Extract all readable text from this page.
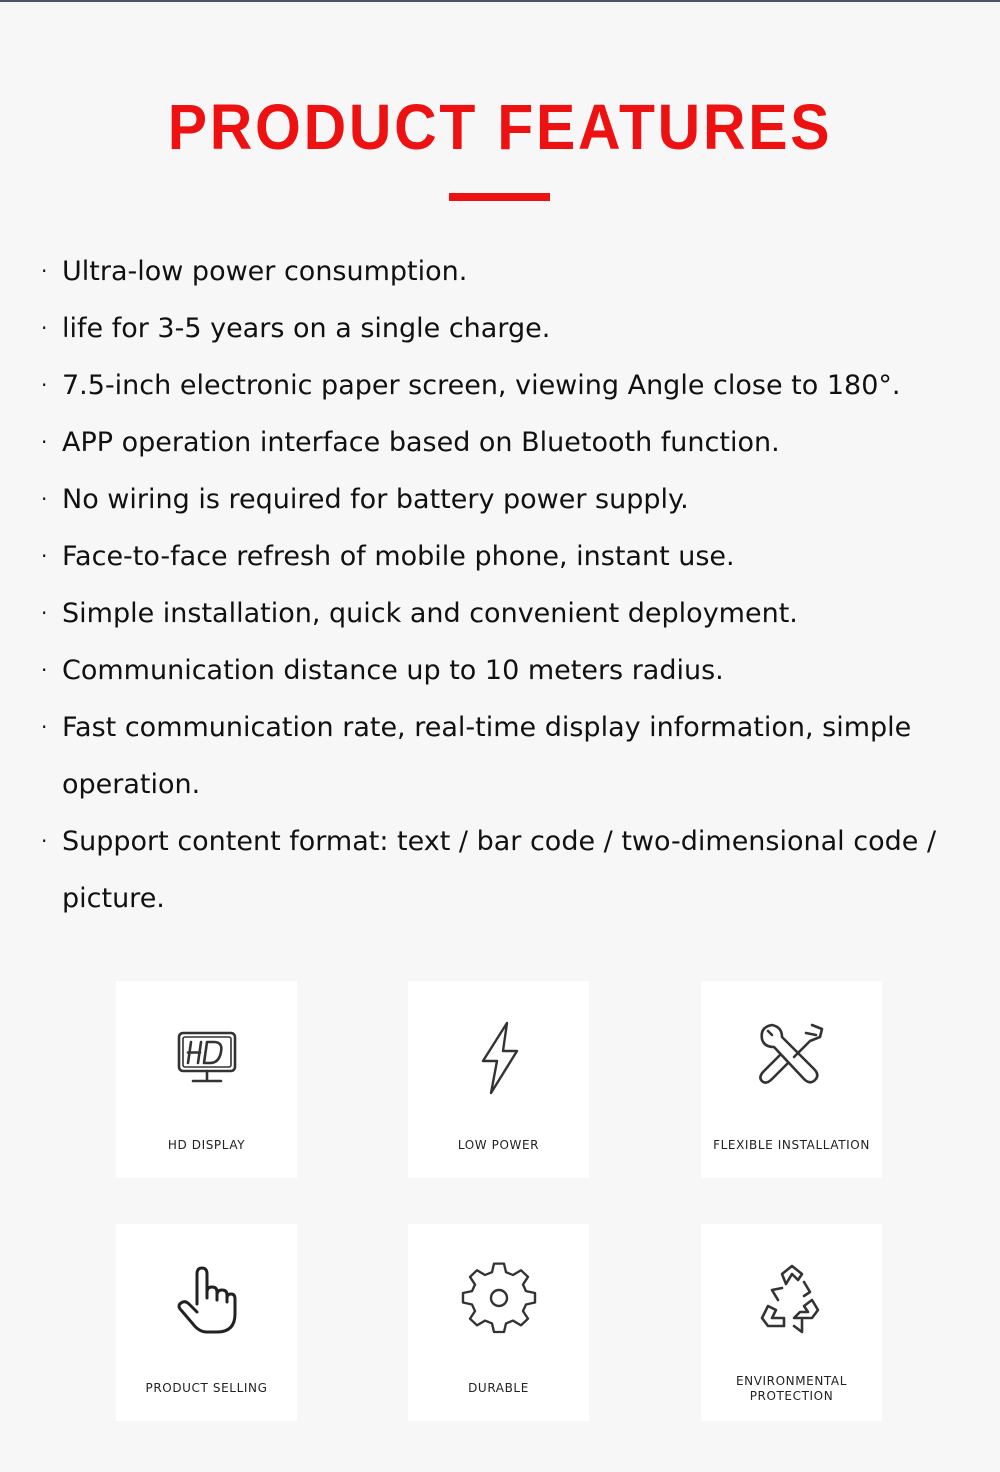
PRODUCT FEATURES
· Ultra-low power consumption.
· life for 3-5 years on a single charge.
· 7.5-inch electronic paper screen, viewing Angle close to 180°.
· APP operation interface based on Bluetooth function.
· No wiring is required for battery power supply.
· Face-to-face refresh of mobile phone, instant use.
· Simple installation, quick and convenient deployment.
· Communication distance up to 10 meters radius.
· Fast communication rate, real-time display information, simple operation.
· Support content format: text / bar code / two-dimensional code / picture.
HD DISPLAY	LOW POWER	FLEXIBLE INSTALLATION
PRODUCT SELLING	DURABLE	ENVIRONMENTAL
PROTECTION
